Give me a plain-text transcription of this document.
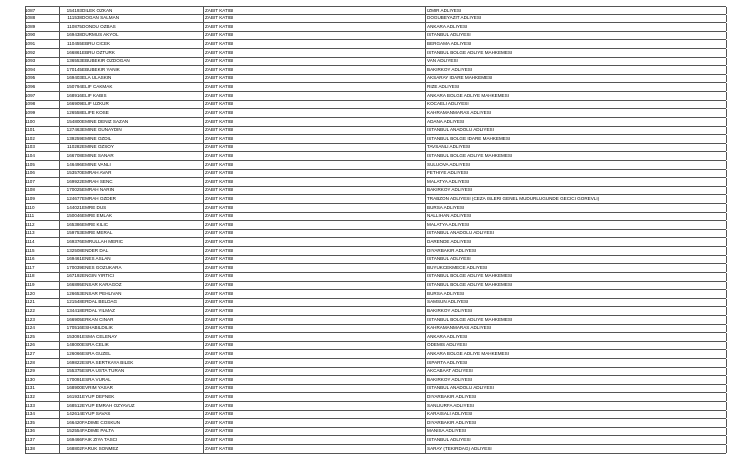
1087	154193 DILEK OZKAN	ZABIT KATIBI	IZMIR ADLIYESI
1088	111538 DOGAN SALMAN	ZABIT KATIBI	DOGUBEYAZIT ADLIYESI
1089	110875 DONDU OZBAS	ZABIT KATIBI	ANKARA ADLIYESI
1090	169438 DURMUS AKYOL	ZABIT KATIBI	ISTANBUL ADLIYESI
1091	110455 EBRU CICEK	ZABIT KATIBI	BERGAMA ADLIYESI
1092	166861 EBRU OZTURK	ZABIT KATIBI	ISTANBUL BOLGE ADLIYE MAHKEMESI
1093	136553 EBUBEKIR OZDOGAN	ZABIT KATIBI	VAN ADLIYESI
1094	170145 EBUBEKIR YANIK	ZABIT KATIBI	BAKIRKOY ADLIYESI
1095	169403 ELA ULASKIN	ZABIT KATIBI	AKSARAY IDARE MAHKEMESI
1096	150794 ELIF CAKMAK	ZABIT KATIBI	RIZE ADLIYESI
1097	168916 ELIF KABIS	ZABIT KATIBI	ANKARA BOLGE ADLIYE MAHKEMESI
1098	166909 ELIF UZKUR	ZABIT KATIBI	KOCAELI ADLIYESI
1099	126558 ELIFE KOSE	ZABIT KATIBI	KAHRAMANMARAS ADLIYESI
1100	154800 EMINE DENIZ SAZAN	ZABIT KATIBI	ADANA ADLIYESI
1101	127463 EMINE GUNAYDIN	ZABIT KATIBI	ISTANBUL ANADOLU ADLIYESI
1102	139259 EMINE OZDIL	ZABIT KATIBI	ISTANBUL BOLGE IDARE MAHKEMESI
1103	110282 EMINE OZSOY	ZABIT KATIBI	TAVSANLI ADLIYESI
1104	166708 EMINE SANAR	ZABIT KATIBI	ISTANBUL BOLGE ADLIYE MAHKEMESI
1105	146496 EMINE VANLI	ZABIT KATIBI	SULUOVA ADLIYESI
1106	153570 EMRAH AVAR	ZABIT KATIBI	FETHIYE ADLIYESI
1107	169922 EMRAH SENC	ZABIT KATIBI	MALATYA ADLIYESI
1108	170025 EMRAH NARIN	ZABIT KATIBI	BAKIRKOY ADLIYESI
1109	124677 EMRAH OZDER	ZABIT KATIBI	TRABZON ADLIYESI (CEZA ISLERI GENEL MUDURLUGUNDE GECICI GOREVLI)
1110	144021 EMRE DUS	ZABIT KATIBI	BURSA ADLIYESI
1111	150046 EMRE EMLAK	ZABIT KATIBI	NALLIHAN ADLIYESI
1112	165386 EMRE KILIC	ZABIT KATIBI	MALATYA ADLIYESI
1113	159753 EMRE MERAL	ZABIT KATIBI	ISTANBUL ANADOLU ADLIYESI
1114	169376 EMRULLAH MERIC	ZABIT KATIBI	DARENDE ADLIYESI
1115	132508 ENDER DAL	ZABIT KATIBI	DIYARBAKIR ADLIYESI
1116	169461 ENES ASLAN	ZABIT KATIBI	ISTANBUL ADLIYESI
1117	170039 ENES GOZUKARA	ZABIT KATIBI	BUYUKCEKMECE ADLIYESI
1118	167192 ENGIN YIRTICI	ZABIT KATIBI	ISTANBUL BOLGE ADLIYE MAHKEMESI
1119	166895 ENSAR KARAGOZ	ZABIT KATIBI	ISTANBUL BOLGE ADLIYE MAHKEMESI
1120	126653 ENSAR PEHLIVAN	ZABIT KATIBI	BURSA ADLIYESI
1121	121548 ERDAL BELDAG	ZABIT KATIBI	SAMSUN ADLIYESI
1122	134418 ERDAL YILMAZ	ZABIT KATIBI	BAKIRKOY ADLIYESI
1123	166905 ERKAN CINAR	ZABIT KATIBI	ISTANBUL BOLGE ADLIYE MAHKEMESI
1124	170516 ESHABILDILIK	ZABIT KATIBI	KAHRAMANMARAS ADLIYESI
1125	153091 ESMA CELENAY	ZABIT KATIBI	ANKARA ADLIYESI
1126	148000 ESRA CELIK	ZABIT KATIBI	ODEMIS ADLIYESI
1127	126066 ESRA GUZEL	ZABIT KATIBI	ANKARA BOLGE ADLIYE MAHKEMESI
1128	169822 ESRA SERTKAYA BILEK	ZABIT KATIBI	ISPARTA ADLIYESI
1129	155375 ESRA USTA TURAN	ZABIT KATIBI	AKCABAAT ADLIYESI
1130	170091 ESRA VURAL	ZABIT KATIBI	BAKIRKOY ADLIYESI
1131	168900 EVRIM YASAR	ZABIT KATIBI	ISTANBUL ANADOLU ADLIYESI
1132	161931 EYUP DEFNEK	ZABIT KATIBI	DIYARBAKIR ADLIYESI
1133	168512 EYUP EMRAH OZYAVUZ	ZABIT KATIBI	SANLIURFA ADLIYESI
1134	142614 EYUP SAVAS	ZABIT KATIBI	KARAISALI ADLIYESI
1135	166420 FADIME COSKUN	ZABIT KATIBI	DIYARBAKIR ADLIYESI
1136	152554 FADIME PALTA	ZABIT KATIBI	MANISA ADLIYESI
1137	169466 FAIK ZIYA TASCI	ZABIT KATIBI	ISTANBUL ADLIYESI
1138	168802 FARUK SONMEZ	ZABIT KATIBI	SARAY (TEKIRDAG) ADLIYESI
